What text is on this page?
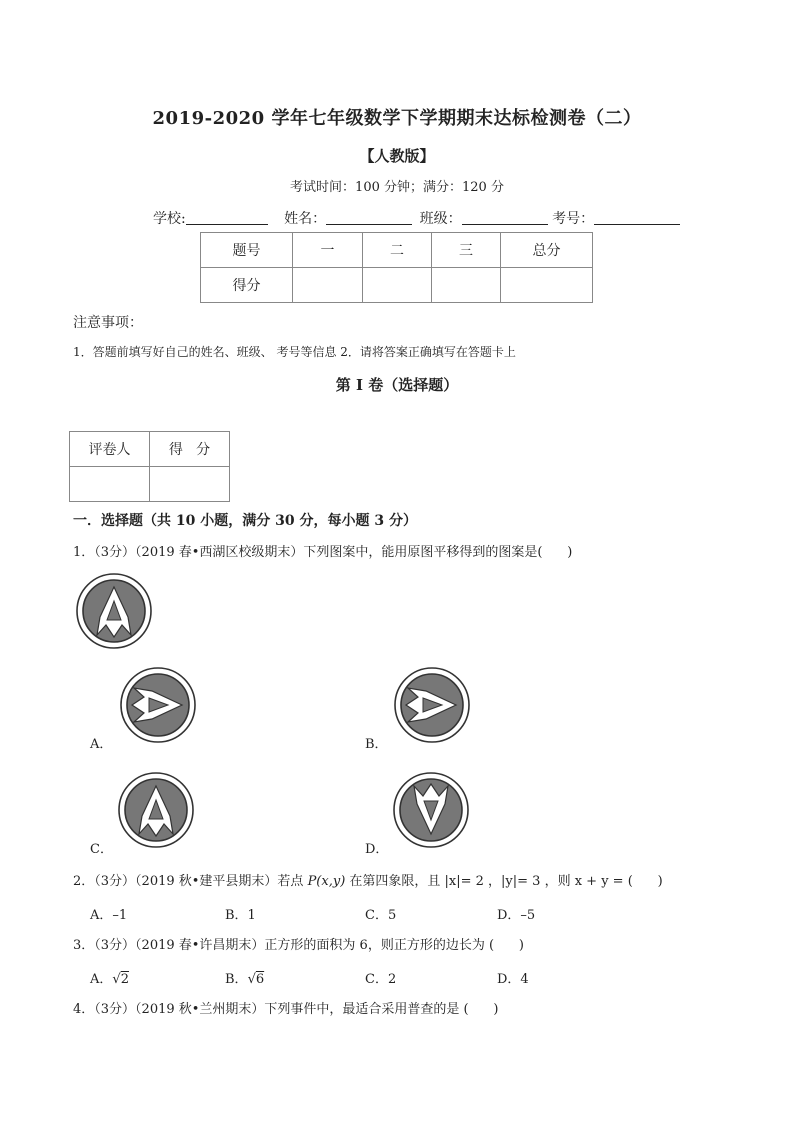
2019-2020 学年七年级数学下学期期末达标检测卷（二）
【人教版】
考试时间：100 分钟；满分：120 分
学校:	姓名：	班级：	考号：
题号	一	二	三	总分
得分				
注意事项：
1．答题前填写好自己的姓名、班级、 考号等信息 2．请将答案正确填写在答题卡上
第 I 卷（选择题）
评卷人	得   分

一．选择题（共 10 小题，满分 30 分，每小题 3 分）
1．（3分）（2019 春•西湖区校级期末）下列图案中，能用原图平移得到的图案是(      )
A．	B．
C．	D．
2．（3分）（2019 秋•建平县期末）若点 P(x,y) 在第四象限，且 |x|= 2 ，|y|= 3 ，则 x + y = (      )
A．–1	B．1	C．5	D．–5
3．（3分）（2019 春•许昌期末）正方形的面积为 6，则正方形的边长为 (      )
A．√2	B．√6	C．2	D．4
4．（3分）（2019 秋•兰州期末）下列事件中，最适合采用普查的是 (      )
